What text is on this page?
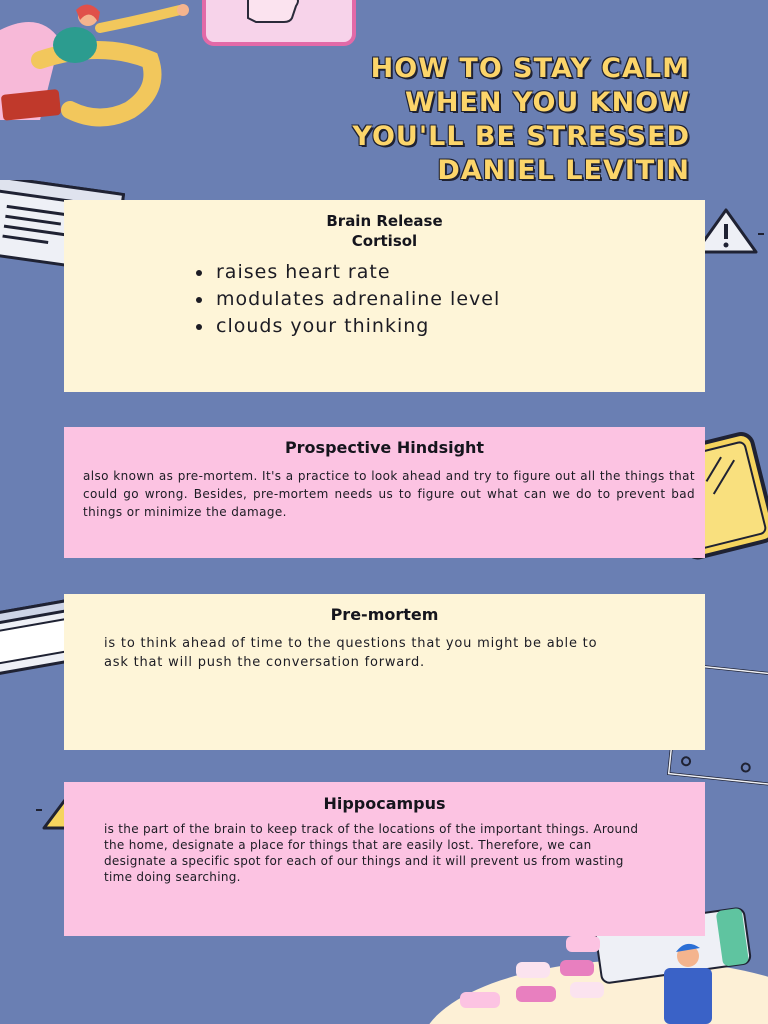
HOW TO STAY CALM
WHEN YOU KNOW
YOU'LL BE STRESSED
DANIEL LEVITIN
Brain Release
Cortisol
• raises heart rate
• modulates adrenaline level
• clouds your thinking
Prospective Hindsight

also known as pre-mortem. It's a practice to look ahead and try to figure out all the things that could go wrong. Besides, pre-mortem needs us to figure out what can we do to prevent bad things or minimize the damage.

Pre-mortem

is to think ahead of time to the questions that you might be able to ask that will push the conversation forward.

Hippocampus

is the part of the brain to keep track of the locations of the important things. Around the home, designate a place for things that are easily lost. Therefore, we can designate a specific spot for each of our things and it will prevent us from wasting time doing searching.
